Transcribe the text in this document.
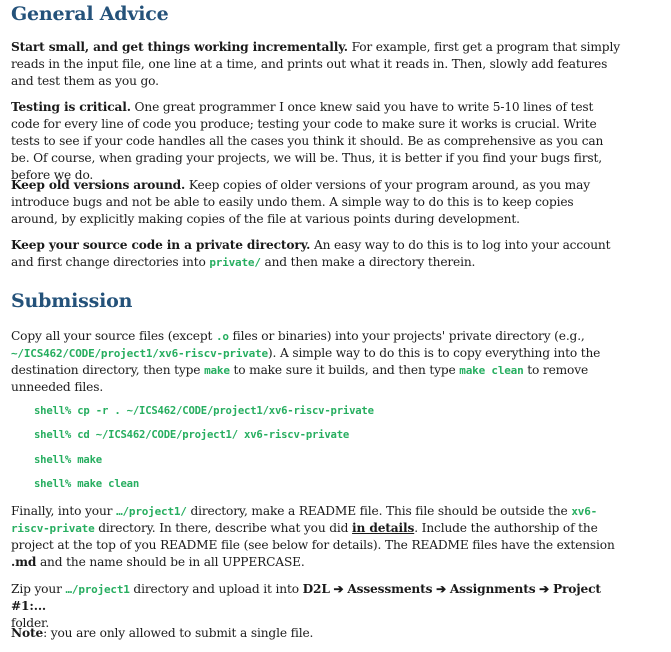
General Advice

Start small, and get things working incrementally. For example, first get a program that simply reads in the input file, one line at a time, and prints out what it reads in. Then, slowly add features and test them as you go.

Testing is critical. One great programmer I once knew said you have to write 5-10 lines of test code for every line of code you produce; testing your code to make sure it works is crucial. Write tests to see if your code handles all the cases you think it should. Be as comprehensive as you can be. Of course, when grading your projects, we will be. Thus, it is better if you find your bugs first, before we do.

Keep old versions around. Keep copies of older versions of your program around, as you may introduce bugs and not be able to easily undo them. A simple way to do this is to keep copies around, by explicitly making copies of the file at various points during development.

Keep your source code in a private directory. An easy way to do this is to log into your account and first change directories into private/ and then make a directory therein.

Submission

Copy all your source files (except .o files or binaries) into your projects' private directory (e.g.,
~/ICS462/CODE/project1/xv6-riscv-private). A simple way to do this is to copy everything into the destination directory, then type make to make sure it builds, and then type make clean to remove unneeded files.

shell% cp -r . ~/ICS462/CODE/project1/xv6-riscv-private
shell% cd ~/ICS462/CODE/project1/ xv6-riscv-private
shell% make
shell% make clean

Finally, into your …/project1/ directory, make a README file. This file should be outside the xv6-riscv-private directory. In there, describe what you did in details. Include the authorship of the project at the top of you README file (see below for details). The README files have the extension .md and the name should be in all UPPERCASE.

Zip your …/project1 directory and upload it into D2L ➔ Assessments ➔ Assignments ➔ Project #1:...
folder.

Note: you are only allowed to submit a single file.
